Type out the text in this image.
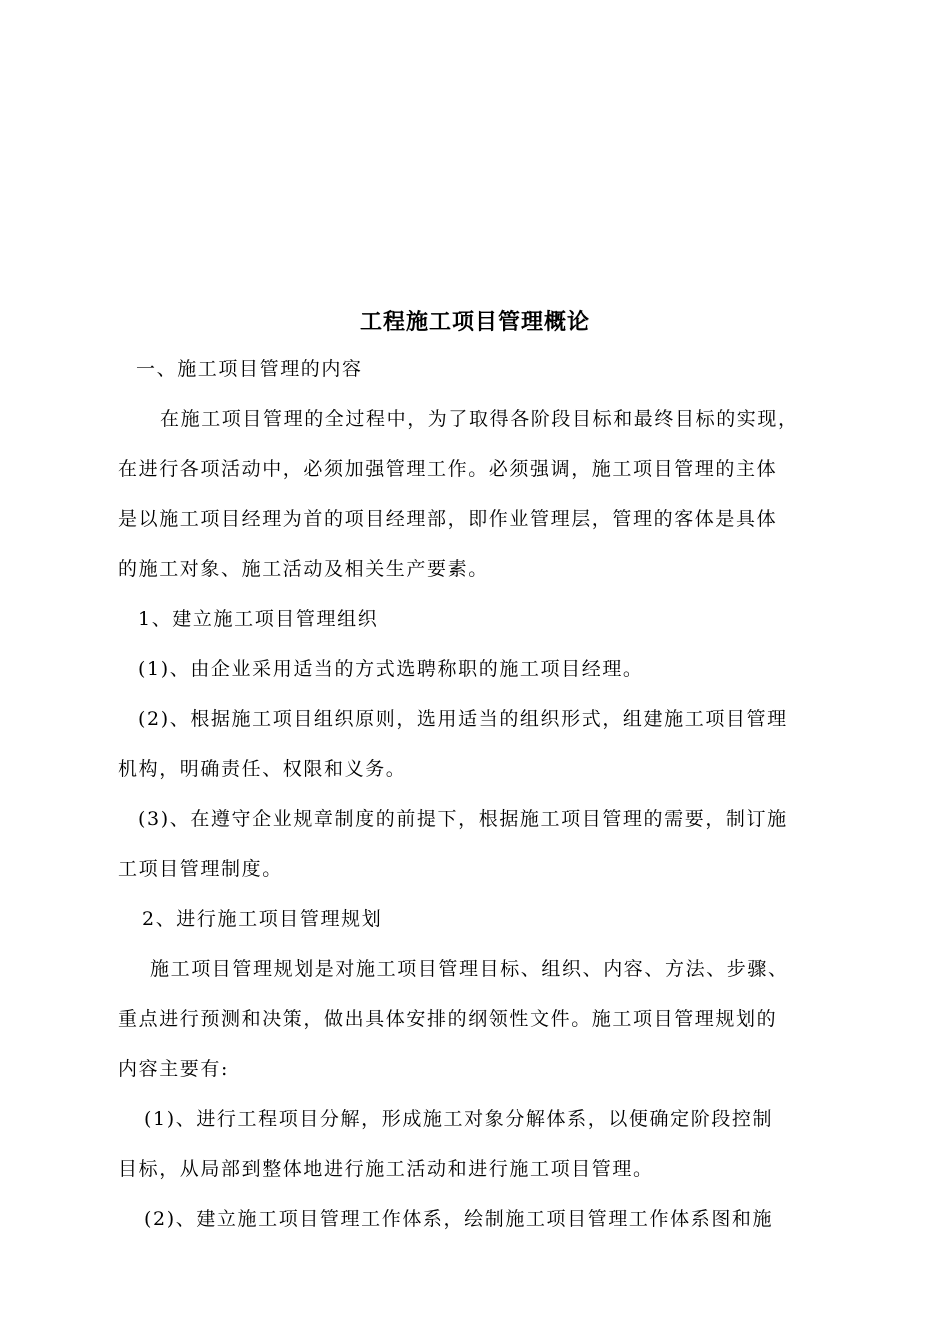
工程施工项目管理概论
一、施工项目管理的内容
在施工项目管理的全过程中，为了取得各阶段目标和最终目标的实现，
在进行各项活动中，必须加强管理工作。必须强调，施工项目管理的主体
是以施工项目经理为首的项目经理部，即作业管理层，管理的客体是具体
的施工对象、施工活动及相关生产要素。
1、建立施工项目管理组织
(1)、由企业采用适当的方式选聘称职的施工项目经理。
(2)、根据施工项目组织原则，选用适当的组织形式，组建施工项目管理
机构，明确责任、权限和义务。
(3)、在遵守企业规章制度的前提下，根据施工项目管理的需要，制订施
工项目管理制度。
2、进行施工项目管理规划
施工项目管理规划是对施工项目管理目标、组织、内容、方法、步骤、
重点进行预测和决策，做出具体安排的纲领性文件。施工项目管理规划的
内容主要有:
(1)、进行工程项目分解，形成施工对象分解体系，以便确定阶段控制
目标，从局部到整体地进行施工活动和进行施工项目管理。
(2)、建立施工项目管理工作体系，绘制施工项目管理工作体系图和施
